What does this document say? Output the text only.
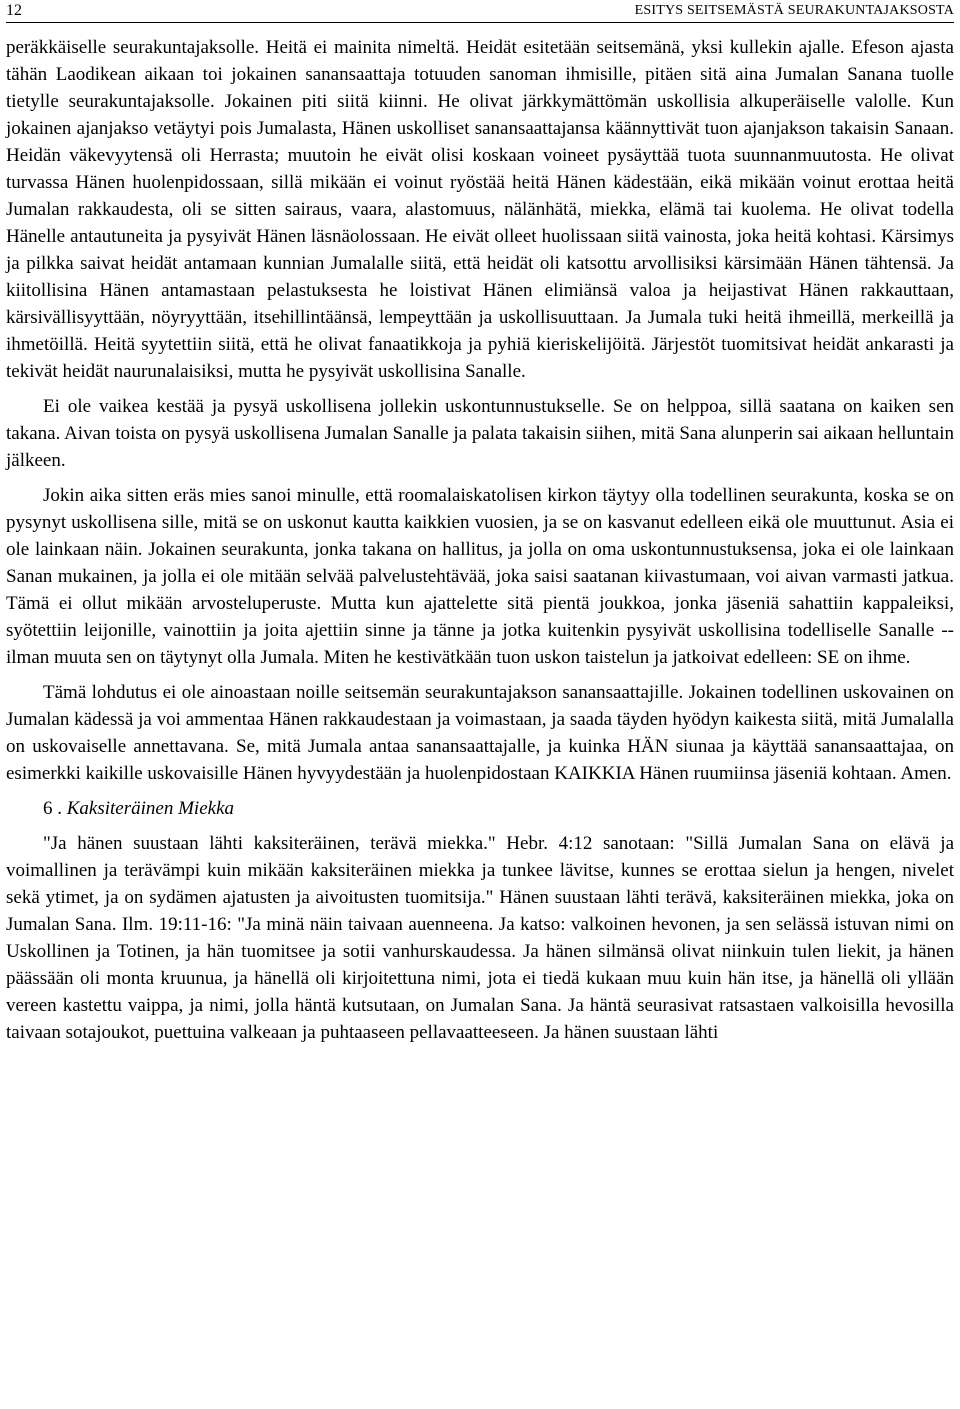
12	ESITYS SEITSEMÄSTÄ SEURAKUNTAJAKSOSTA

peräkkäiselle seurakuntajaksolle. Heitä ei mainita nimeltä. Heidät esitetään seitsemänä, yksi kullekin ajalle. Efeson ajasta tähän Laodikean aikaan toi jokainen sanansaattaja totuuden sanoman ihmisille, pitäen sitä aina Jumalan Sanana tuolle tietylle seurakuntajaksolle. Jokainen piti siitä kiinni. He olivat järkkymättömän uskollisia alkuperäiselle valolle. Kun jokainen ajanjakso vetäytyi pois Jumalasta, Hänen uskolliset sanansaattajansa käännyttivät tuon ajanjakson takaisin Sanaan. Heidän väkevyytensä oli Herrasta; muutoin he eivät olisi koskaan voineet pysäyttää tuota suunnanmuutosta. He olivat turvassa Hänen huolenpidossaan, sillä mikään ei voinut ryöstää heitä Hänen kädestään, eikä mikään voinut erottaa heitä Jumalan rakkaudesta, oli se sitten sairaus, vaara, alastomuus, nälänhätä, miekka, elämä tai kuolema. He olivat todella Hänelle antautuneita ja pysyivät Hänen läsnäolossaan. He eivät olleet huolissaan siitä vainosta, joka heitä kohtasi. Kärsimys ja pilkka saivat heidät antamaan kunnian Jumalalle siitä, että heidät oli katsottu arvollisiksi kärsimään Hänen tähtensä. Ja kiitollisina Hänen antamastaan pelastuksesta he loistivat Hänen elimiänsä valoa ja heijastivat Hänen rakkauttaan, kärsivällisyyttään, nöyryyttään, itsehillintäänsä, lempeyttään ja uskollisuuttaan. Ja Jumala tuki heitä ihmeillä, merkeillä ja ihmetöillä. Heitä syytettiin siitä, että he olivat fanaatikkoja ja pyhiä kieriskelijöitä. Järjestöt tuomitsivat heidät ankarasti ja tekivät heidät naurunalaisiksi, mutta he pysyivät uskollisina Sanalle.

Ei ole vaikea kestää ja pysyä uskollisena jollekin uskontunnustukselle. Se on helppoa, sillä saatana on kaiken sen takana. Aivan toista on pysyä uskollisena Jumalan Sanalle ja palata takaisin siihen, mitä Sana alunperin sai aikaan helluntain jälkeen.

Jokin aika sitten eräs mies sanoi minulle, että roomalaiskatolisen kirkon täytyy olla todellinen seurakunta, koska se on pysynyt uskollisena sille, mitä se on uskonut kautta kaikkien vuosien, ja se on kasvanut edelleen eikä ole muuttunut. Asia ei ole lainkaan näin. Jokainen seurakunta, jonka takana on hallitus, ja jolla on oma uskontunnustuksensa, joka ei ole lainkaan Sanan mukainen, ja jolla ei ole mitään selvää palvelustehtävää, joka saisi saatanan kiivastumaan, voi aivan varmasti jatkua. Tämä ei ollut mikään arvosteluperuste. Mutta kun ajattelette sitä pientä joukkoa, jonka jäseniä sahattiin kappaleiksi, syötettiin leijonille, vainottiin ja joita ajettiin sinne ja tänne ja jotka kuitenkin pysyivät uskollisina todelliselle Sanalle -- ilman muuta sen on täytynyt olla Jumala. Miten he kestivätkään tuon uskon taistelun ja jatkoivat edelleen: SE on ihme.

Tämä lohdutus ei ole ainoastaan noille seitsemän seurakuntajakson sanansaattajille. Jokainen todellinen uskovainen on Jumalan kädessä ja voi ammentaa Hänen rakkaudestaan ja voimastaan, ja saada täyden hyödyn kaikesta siitä, mitä Jumalalla on uskovaiselle annettavana. Se, mitä Jumala antaa sanansaattajalle, ja kuinka HÄN siunaa ja käyttää sanansaattajaa, on esimerkki kaikille uskovaisille Hänen hyvyydestään ja huolenpidostaan KAIKKIA Hänen ruumiinsa jäseniä kohtaan. Amen.

6 . Kaksiteräinen Miekka

"Ja hänen suustaan lähti kaksiteräinen, terävä miekka." Hebr. 4:12 sanotaan: "Sillä Jumalan Sana on elävä ja voimallinen ja terävämpi kuin mikään kaksiteräinen miekka ja tunkee lävitse, kunnes se erottaa sielun ja hengen, nivelet sekä ytimet, ja on sydämen ajatusten ja aivoitusten tuomitsija." Hänen suustaan lähti terävä, kaksiteräinen miekka, joka on Jumalan Sana. Ilm. 19:11-16: "Ja minä näin taivaan auenneena. Ja katso: valkoinen hevonen, ja sen selässä istuvan nimi on Uskollinen ja Totinen, ja hän tuomitsee ja sotii vanhurskaudessa. Ja hänen silmänsä olivat niinkuin tulen liekit, ja hänen päässään oli monta kruunua, ja hänellä oli kirjoitettuna nimi, jota ei tiedä kukaan muu kuin hän itse, ja hänellä oli yllään vereen kastettu vaippa, ja nimi, jolla häntä kutsutaan, on Jumalan Sana. Ja häntä seurasivat ratsastaen valkoisilla hevosilla taivaan sotajoukot, puettuina valkeaan ja puhtaaseen pellavaatteeseen. Ja hänen suustaan lähti
